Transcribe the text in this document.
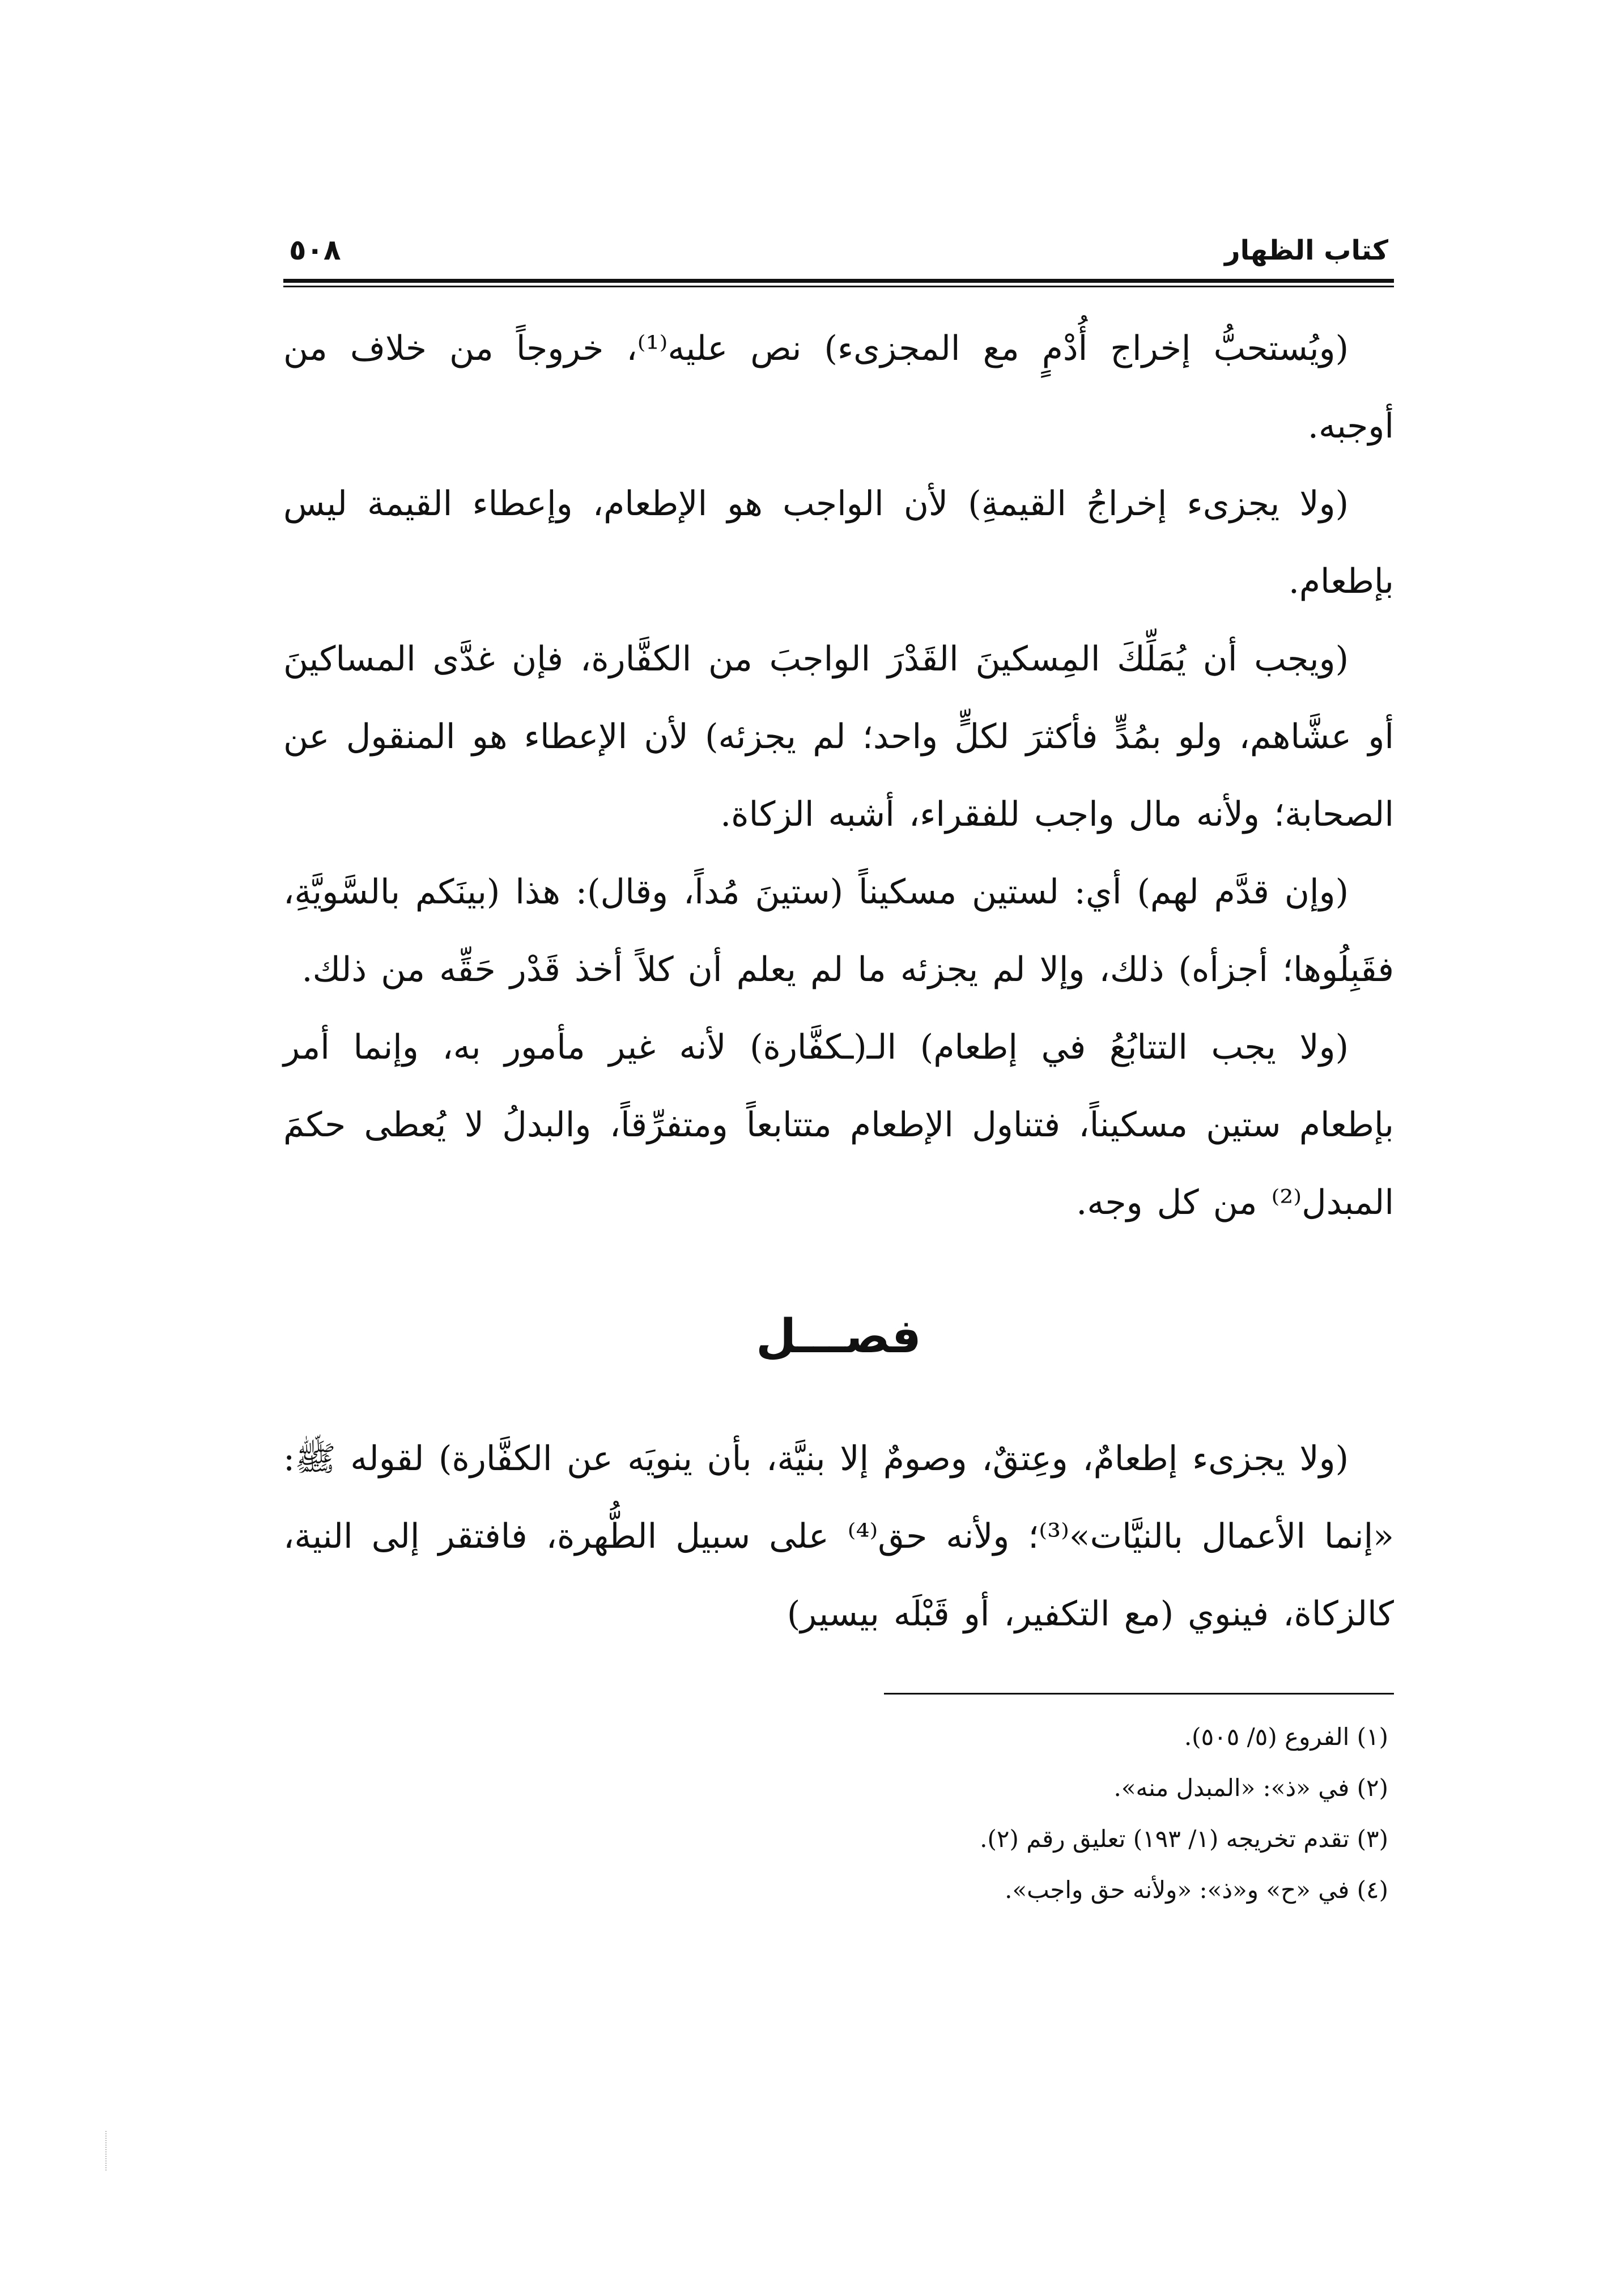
كتاب الظهار
٥٠٨

(ويُستحبُّ إخراج أُدْمٍ مع المجزىء) نص عليه⁽¹⁾، خروجاً من خلاف من أوجبه.

(ولا يجزىء إخراجُ القيمةِ) لأن الواجب هو الإطعام، وإعطاء القيمة ليس بإطعام.

(ويجب أن يُمَلِّكَ المِسكينَ القَدْرَ الواجبَ من الكفَّارة، فإن غدَّى المساكينَ أو عشَّاهم، ولو بمُدٍّ فأكثرَ لكلٍّ واحد؛ لم يجزئه) لأن الإعطاء هو المنقول عن الصحابة؛ ولأنه مال واجب للفقراء، أشبه الزكاة.

(وإن قدَّم لهم) أي: لستين مسكيناً (ستينَ مُداً، وقال): هذا (بينَكم بالسَّويَّةِ، فقَبِلُوها؛ أجزأه) ذلك، وإلا لم يجزئه ما لم يعلم أن كلاً أخذ قَدْر حَقِّه من ذلك.

(ولا يجب التتابُعُ في إطعام) الـ(ـكفَّارة) لأنه غير مأمور به، وإنما أمر بإطعام ستين مسكيناً، فتناول الإطعام متتابعاً ومتفرِّقاً، والبدلُ لا يُعطى حكمَ المبدل⁽²⁾ من كل وجه.

فصـــل

(ولا يجزىء إطعامٌ، وعِتقٌ، وصومٌ إلا بنيَّة، بأن ينويَه عن الكفَّارة) لقوله ﷺ: «إنما الأعمال بالنيَّات»⁽³⁾؛ ولأنه حق⁽⁴⁾ على سبيل الطُّهرة، فافتقر إلى النية، كالزكاة، فينوي (مع التكفير، أو قَبْلَه بيسير)

(١) الفروع (٥/ ٥٠٥).

(٢) في «ذ»: «المبدل منه».

(٣) تقدم تخريجه (١/ ١٩٣) تعليق رقم (٢).

(٤) في «ح» و«ذ»: «ولأنه حق واجب».
